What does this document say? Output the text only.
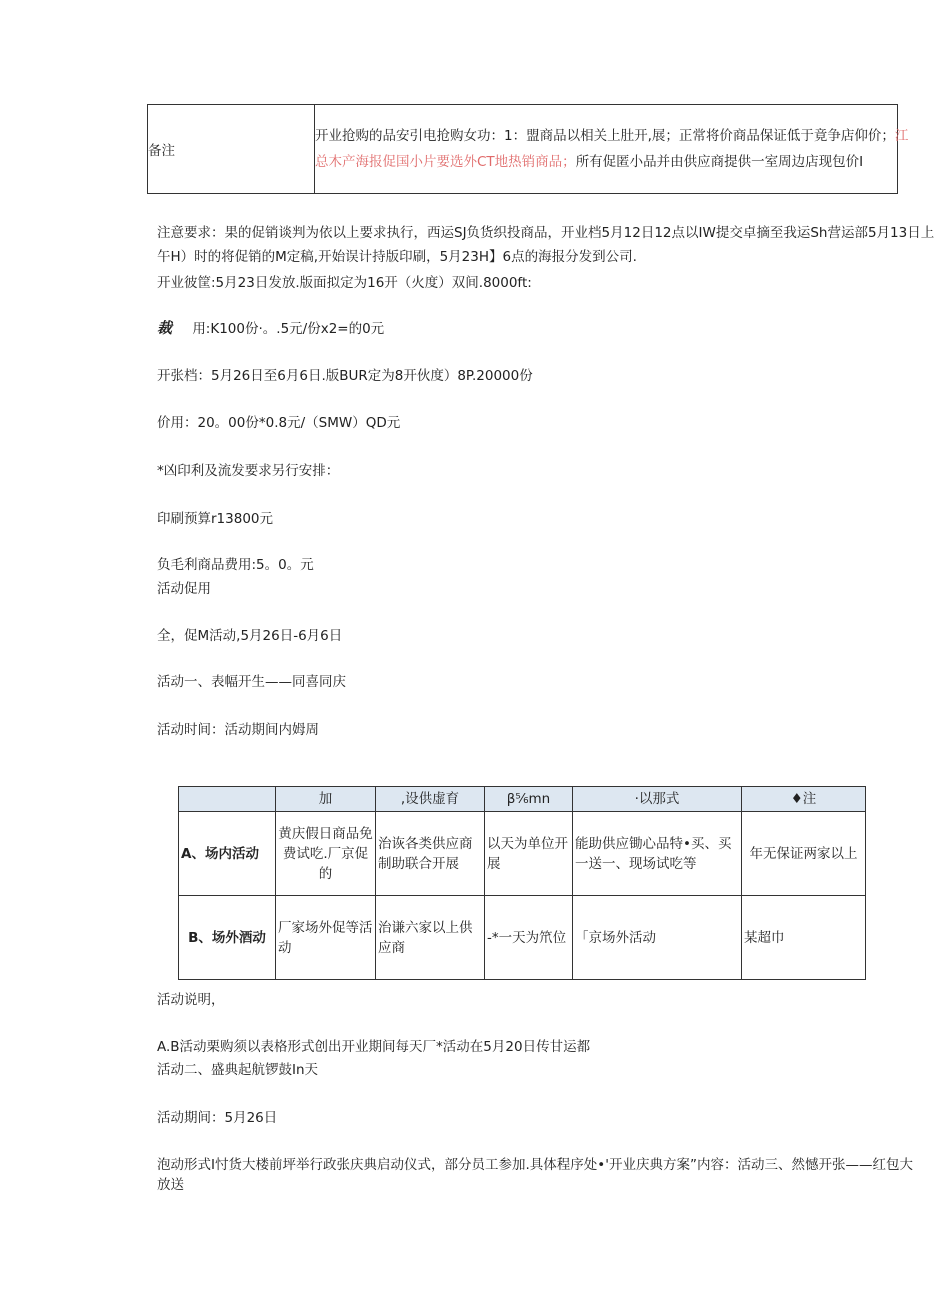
备注	
开业抢购的品安引电抢购女功：1：盟商品以相关上肚开,展；正常将价商品保证低于竟争店仰价；江
总木产海报促国小片要选外CT地热销商品；所有促匿小品并由供应商提供一室周边店现包价I
注意要求：果的促销谈判为依以上要求执行，西运SJ负货织投商品，开业档5月12日12点以IW提交卓摘至我运Sh营运部5月13日上
午H）时的将促销的M定稿,开始误计持版印刷，5月23H】6点的海报分发到公司.
开业彼筐:5月23日发放.版面拟定为16开（火度）双间.8000ft:
裁 用:K100份·。.5元/份x2=的0元
开张档：5月26日至6月6日.版BUR定为8开伙度）8P.20000份
价用：20。00份*0.8元/（SMW）QD元
*凶印利及流发要求另行安排：
印刷预算r13800元
负毛利商品费用:5。0。元
活动促用
全，促M活动,5月26日-6月6日
活动一、表幅开生——同喜同庆
活动时间：活动期间内姆周
	加	,设供虚育	β⁵⁄₆mn	·以那式	♦注
A、场内活动	黄庆假日商品免费试吃.厂京促的	治诙各类供应商制助联合开展	以天为单位开展	能助供应锄心品特•买、买一送一、现场试吃等	年无保证两家以上
B、场外酒动	厂家场外促等活动	治谦六家以上供应商	-*一天为笊位	「京场外活动	某超巾
活动说明，
A.B活动栗购须以表格形式创出开业期间每天厂*活动在5月20日传甘运都
活动二、盛典起航锣鼓In天
活动期间：5月26日
泡动形式Ⅰ忖货大楼前坪举行政张庆典启动仪式，部分员工参加.具体程序处•'开业庆典方案”内容：活动三、然憾开张——红包大
放送
